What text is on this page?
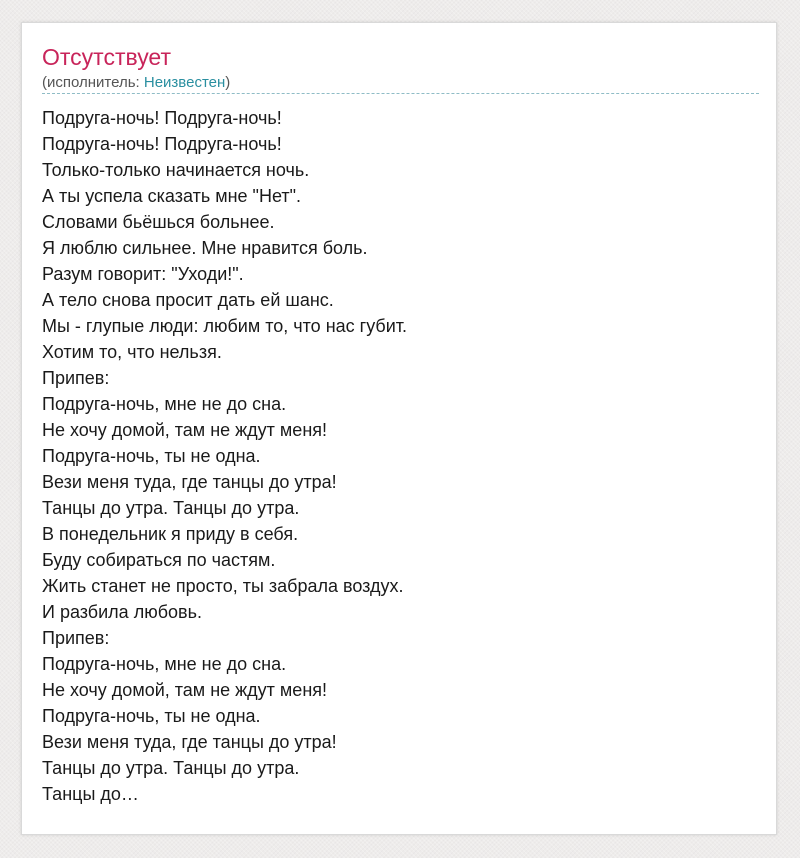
Отсутствует
(исполнитель: Неизвестен)
Подруга-ночь! Подруга-ночь!
Подруга-ночь! Подруга-ночь!
Только-только начинается ночь.
А ты успела сказать мне "Нет".
Словами бьёшься больнее.
Я люблю сильнее. Мне нравится боль.
Разум говорит: "Уходи!".
А тело снова просит дать ей шанс.
Мы - глупые люди: любим то, что нас губит.
Хотим то, что нельзя.
Припев:
Подруга-ночь, мне не до сна.
Не хочу домой, там не ждут меня!
Подруга-ночь, ты не одна.
Вези меня туда, где танцы до утра!
Танцы до утра. Танцы до утра.
В понедельник я приду в себя.
Буду собираться по частям.
Жить станет не просто, ты забрала воздух.
И разбила любовь.
Припев:
Подруга-ночь, мне не до сна.
Не хочу домой, там не ждут меня!
Подруга-ночь, ты не одна.
Вези меня туда, где танцы до утра!
Танцы до утра. Танцы до утра.
Танцы до…
